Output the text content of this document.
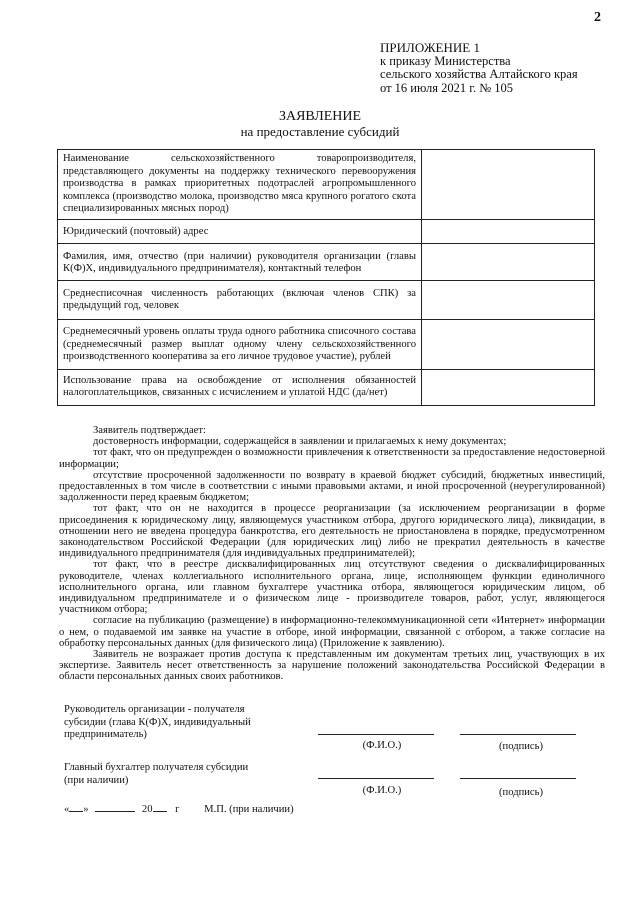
2
ПРИЛОЖЕНИЕ 1
к приказу Министерства
сельского хозяйства Алтайского края
от 16 июля 2021 г. № 105
ЗАЯВЛЕНИЕ
на предоставление субсидий
Наименование сельскохозяйственного товаропроизводителя, представляющего документы на поддержку технического перевооружения производства в рамках приоритетных подотраслей агропромышленного комплекса (производство молока, производство мяса крупного рогатого скота специализированных мясных пород)	
Юридический (почтовый) адрес	
Фамилия, имя, отчество (при наличии) руководителя организации (главы К(Ф)Х, индивидуального предпринимателя), контактный телефон	
Среднесписочная численность работающих (включая членов СПК) за предыдущий год, человек	
Среднемесячный уровень оплаты труда одного работника списочного состава (среднемесячный размер выплат одному члену сельскохозяйственного производственного кооператива за его личное трудовое участие), рублей	
Использование права на освобождение от исполнения обязанностей налогоплательщиков, связанных с исчислением и уплатой НДС (да/нет)	

Заявитель подтверждает:

достоверность информации, содержащейся в заявлении и прилагаемых к нему документах;

тот факт, что он предупрежден о возможности привлечения к ответственности за предоставление недостоверной информации;

отсутствие просроченной задолженности по возврату в краевой бюджет субсидий, бюджетных инвестиций, предоставленных в том числе в соответствии с иными правовыми актами, и иной просроченной (неурегулированной) задолженности перед краевым бюджетом;

тот факт, что он не находится в процессе реорганизации (за исключением реорганизации в форме присоединения к юридическому лицу, являющемуся участником отбора, другого юридического лица), ликвидации, в отношении него не введена процедура банкротства, его деятельность не приостановлена в порядке, предусмотренном законодательством Российской Федерации (для юридических лиц) либо не прекратил деятельность в качестве индивидуального предпринимателя (для индивидуальных предпринимателей);

тот факт, что в реестре дисквалифицированных лиц отсутствуют сведения о дисквалифицированных руководителе, членах коллегиального исполнительного органа, лице, исполняющем функции единоличного исполнительного органа, или главном бухгалтере участника отбора, являющегося юридическим лицом, об индивидуальном предпринимателе и о физическом лице - производителе товаров, работ, услуг, являющегося участником отбора;

согласие на публикацию (размещение) в информационно-телекоммуникационной сети «Интернет» информации о нем, о подаваемой им заявке на участие в отборе, иной информации, связанной с отбором, а также согласие на обработку персональных данных (для физического лица) (Приложение к заявлению).

Заявитель не возражает против доступа к представленным им документам третьих лиц, участвующих в их экспертизе. Заявитель несет ответственность за нарушение положений законодательства Российской Федерации в области персональных данных своих работников.

Руководитель организации - получателя
субсидии (глава К(Ф)Х, индивидуальный
предприниматель)
(Ф.И.О.)	(подпись)
Главный бухгалтер получателя субсидии
(при наличии)
(Ф.И.О.)	(подпись)
« »	20 г М.П. (при наличии)
